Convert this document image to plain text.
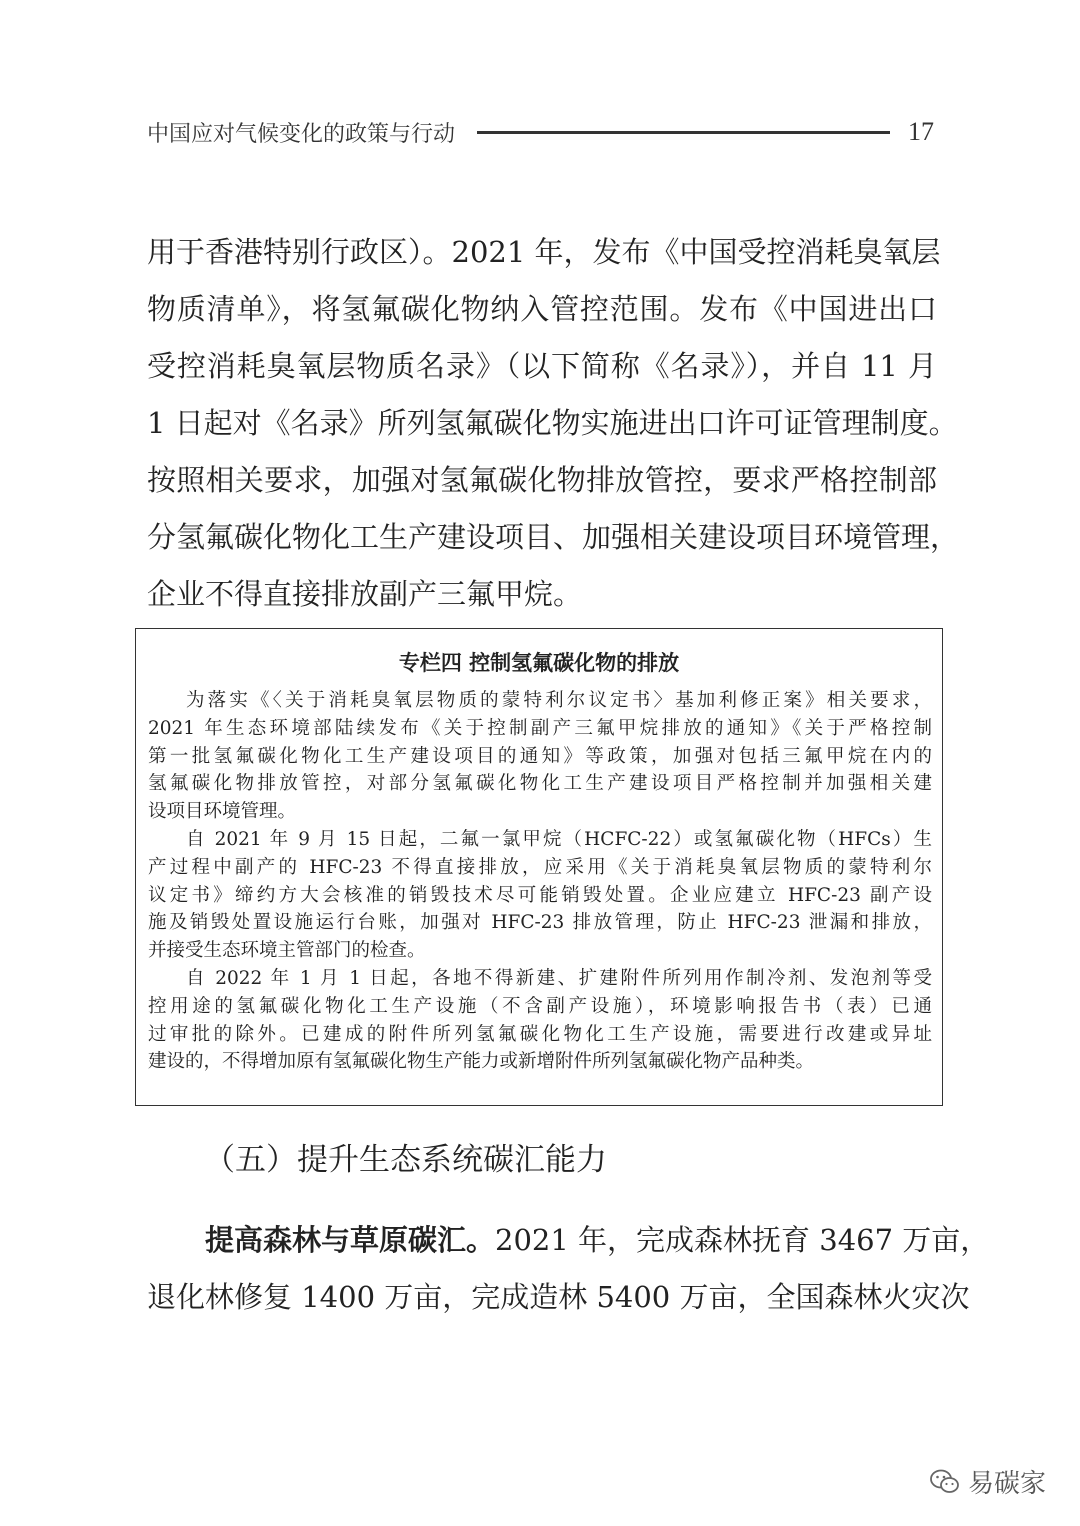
中国应对气候变化的政策与行动	17
用于香港特别行政区）。2021 年，发布《中国受控消耗臭氧层
物质清单》，将氢氟碳化物纳入管控范围。发布《中国进出口
受控消耗臭氧层物质名录》（以下简称《名录》），并自 11 月
1 日起对《名录》所列氢氟碳化物实施进出口许可证管理制度。
按照相关要求，加强对氢氟碳化物排放管控，要求严格控制部
分氢氟碳化物化工生产建设项目、加强相关建设项目环境管理，
企业不得直接排放副产三氟甲烷。
专栏四 控制氢氟碳化物的排放
为落实《〈关于消耗臭氧层物质的蒙特利尔议定书〉基加利修正案》相关要求，
2021 年生态环境部陆续发布《关于控制副产三氟甲烷排放的通知》《关于严格控制
第一批氢氟碳化物化工生产建设项目的通知》等政策，加强对包括三氟甲烷在内的
氢氟碳化物排放管控，对部分氢氟碳化物化工生产建设项目严格控制并加强相关建
设项目环境管理。
自 2021 年 9 月 15 日起，二氟一氯甲烷（HCFC-22）或氢氟碳化物（HFCs）生
产过程中副产的 HFC-23 不得直接排放，应采用《关于消耗臭氧层物质的蒙特利尔
议定书》缔约方大会核准的销毁技术尽可能销毁处置。企业应建立 HFC-23 副产设
施及销毁处置设施运行台账，加强对 HFC-23 排放管理，防止 HFC-23 泄漏和排放，
并接受生态环境主管部门的检查。
自 2022 年 1 月 1 日起，各地不得新建、扩建附件所列用作制冷剂、发泡剂等受
控用途的氢氟碳化物化工生产设施（不含副产设施），环境影响报告书（表）已通
过审批的除外。已建成的附件所列氢氟碳化物化工生产设施，需要进行改建或异址
建设的，不得增加原有氢氟碳化物生产能力或新增附件所列氢氟碳化物产品种类。
（五）提升生态系统碳汇能力
提高森林与草原碳汇。2021 年，完成森林抚育 3467 万亩，
退化林修复 1400 万亩，完成造林 5400 万亩，全国森林火灾次
易碳家
